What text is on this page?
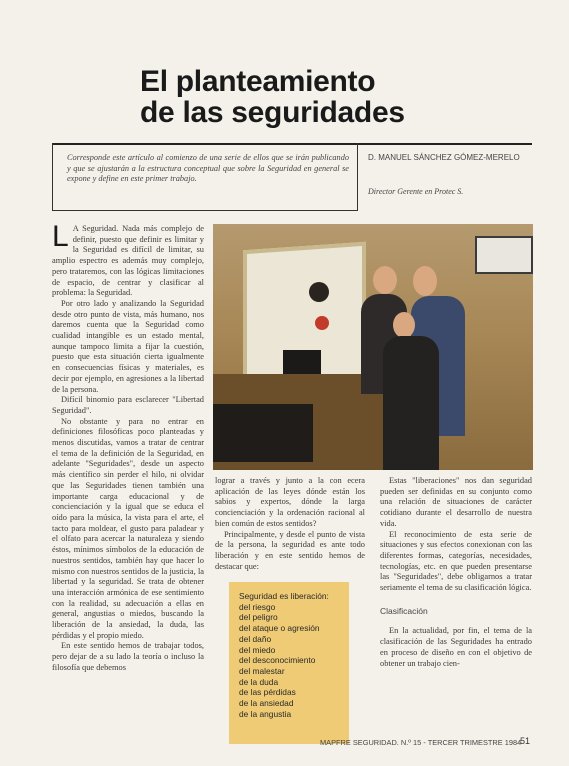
El planteamiento
de las seguridades
Corresponde este artículo al comienzo de una serie de ellos que se irán publicando y que se ajustarán a la estructura conceptual que sobre la Seguridad en general se expone y define en este primer trabajo.
D. MANUEL SÁNCHEZ GÓMEZ-MERELO
Director Gerente en Protec S.

L A Seguridad. Nada más complejo de definir, puesto que definir es limitar y la Seguridad es difícil de limitar, su amplio espectro es además muy complejo, pero trataremos, con las lógicas limitaciones de espacio, de centrar y clasificar al problema: la Seguridad.

Por otro lado y analizando la Seguridad desde otro punto de vista, más humano, nos daremos cuenta que la Seguridad como cualidad intangible es un estado mental, aunque tampoco limita a fijar la cuestión, puesto que esta situación cierta igualmente en consecuencias físicas y materiales, es decir por ejemplo, en agresiones a la libertad de la persona.

Difícil binomio para esclarecer "Libertad Seguridad".

No obstante y para no entrar en definiciones filosóficas poco planteadas y menos discutidas, vamos a tratar de centrar el tema de la definición de la Seguridad, en adelante "Seguridades", desde un aspecto más científico sin perder el hilo, ni olvidar que las Seguridades tienen también una importante carga educacional y de concienciación y la igual que se educa el oído para la música, la vista para el arte, el tacto para moldear, el gusto para paladear y el olfato para acercar la naturaleza y siendo éstos, mínimos símbolos de la educación de nuestros sentidos, también hay que hacer lo mismo con nuestros sentidos de la justicia, la libertad y la seguridad. Se trata de obtener una interacción armónica de ese sentimiento con la realidad, su adecuación a ellas en general, angustias o miedos, buscando la liberación de la ansiedad, la duda, las pérdidas y el propio miedo.

En este sentido hemos de trabajar todos, pero dejar de a su lado la teoría o incluso la filosofía que debemos

lograr a través y junto a la con ecera aplicación de las leyes dónde están los sabios y expertos, dónde la larga concienciación y la ordenación racional al bien común de estos sentidos?

Principalmente, y desde el punto de vista de la persona, la seguridad es ante todo liberación y en este sentido hemos de destacar que:

Seguridad es liberación:
del riesgo
del peligro
del ataque o agresión
del daño
del miedo
del desconocimiento
del malestar
de la duda
de las pérdidas
de la ansiedad
de la angustia

Estas "liberaciones" nos dan seguridad pueden ser definidas en su conjunto como una relación de situaciones de carácter cotidiano durante el desarrollo de nuestra vida.

El reconocimiento de esta serie de situaciones y sus efectos conexionan con las diferentes formas, categorías, necesidades, tecnologías, etc. en que pueden presentarse las "Seguridades", debe obligarnos a tratar seriamente el tema de su clasificación lógica.

Clasificación

En la actualidad, por fin, el tema de la clasificación de las Seguridades ha entrado en proceso de diseño en con el objetivo de obtener un trabajo cien-

MAPFRE SEGURIDAD. N.º 15 - TERCER TRIMESTRE 1984
51
